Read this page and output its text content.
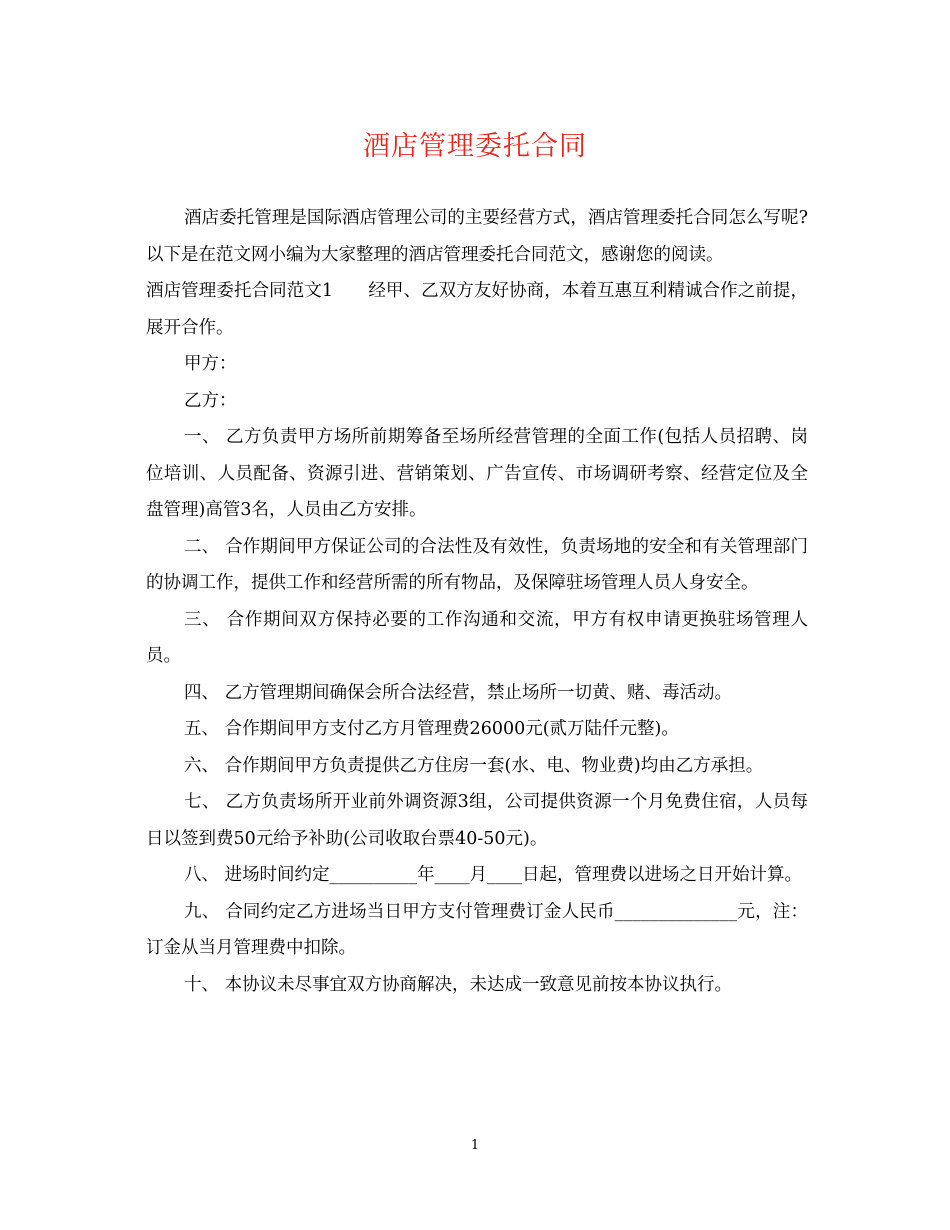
酒店管理委托合同

酒店委托管理是国际酒店管理公司的主要经营方式，酒店管理委托合同怎么写呢?以下是在范文网小编为大家整理的酒店管理委托合同范文，感谢您的阅读。

酒店管理委托合同范文1　　经甲、乙双方友好协商，本着互惠互利精诚合作之前提，展开合作。

甲方：

乙方：

一、 乙方负责甲方场所前期筹备至场所经营管理的全面工作(包括人员招聘、岗位培训、人员配备、资源引进、营销策划、广告宣传、市场调研考察、经营定位及全盘管理)高管3名，人员由乙方安排。

二、 合作期间甲方保证公司的合法性及有效性，负责场地的安全和有关管理部门的协调工作，提供工作和经营所需的所有物品，及保障驻场管理人员人身安全。

三、 合作期间双方保持必要的工作沟通和交流，甲方有权申请更换驻场管理人员。

四、 乙方管理期间确保会所合法经营，禁止场所一切黄、赌、毒活动。

五、 合作期间甲方支付乙方月管理费26000元(贰万陆仟元整)。

六、 合作期间甲方负责提供乙方住房一套(水、电、物业费)均由乙方承担。

七、 乙方负责场所开业前外调资源3组，公司提供资源一个月免费住宿，人员每日以签到费50元给予补助(公司收取台票40-50元)。

八、 进场时间约定__________年____月____日起，管理费以进场之日开始计算。

九、 合同约定乙方进场当日甲方支付管理费订金人民币______________元，注：订金从当月管理费中扣除。

十、 本协议未尽事宜双方协商解决，未达成一致意见前按本协议执行。

1
